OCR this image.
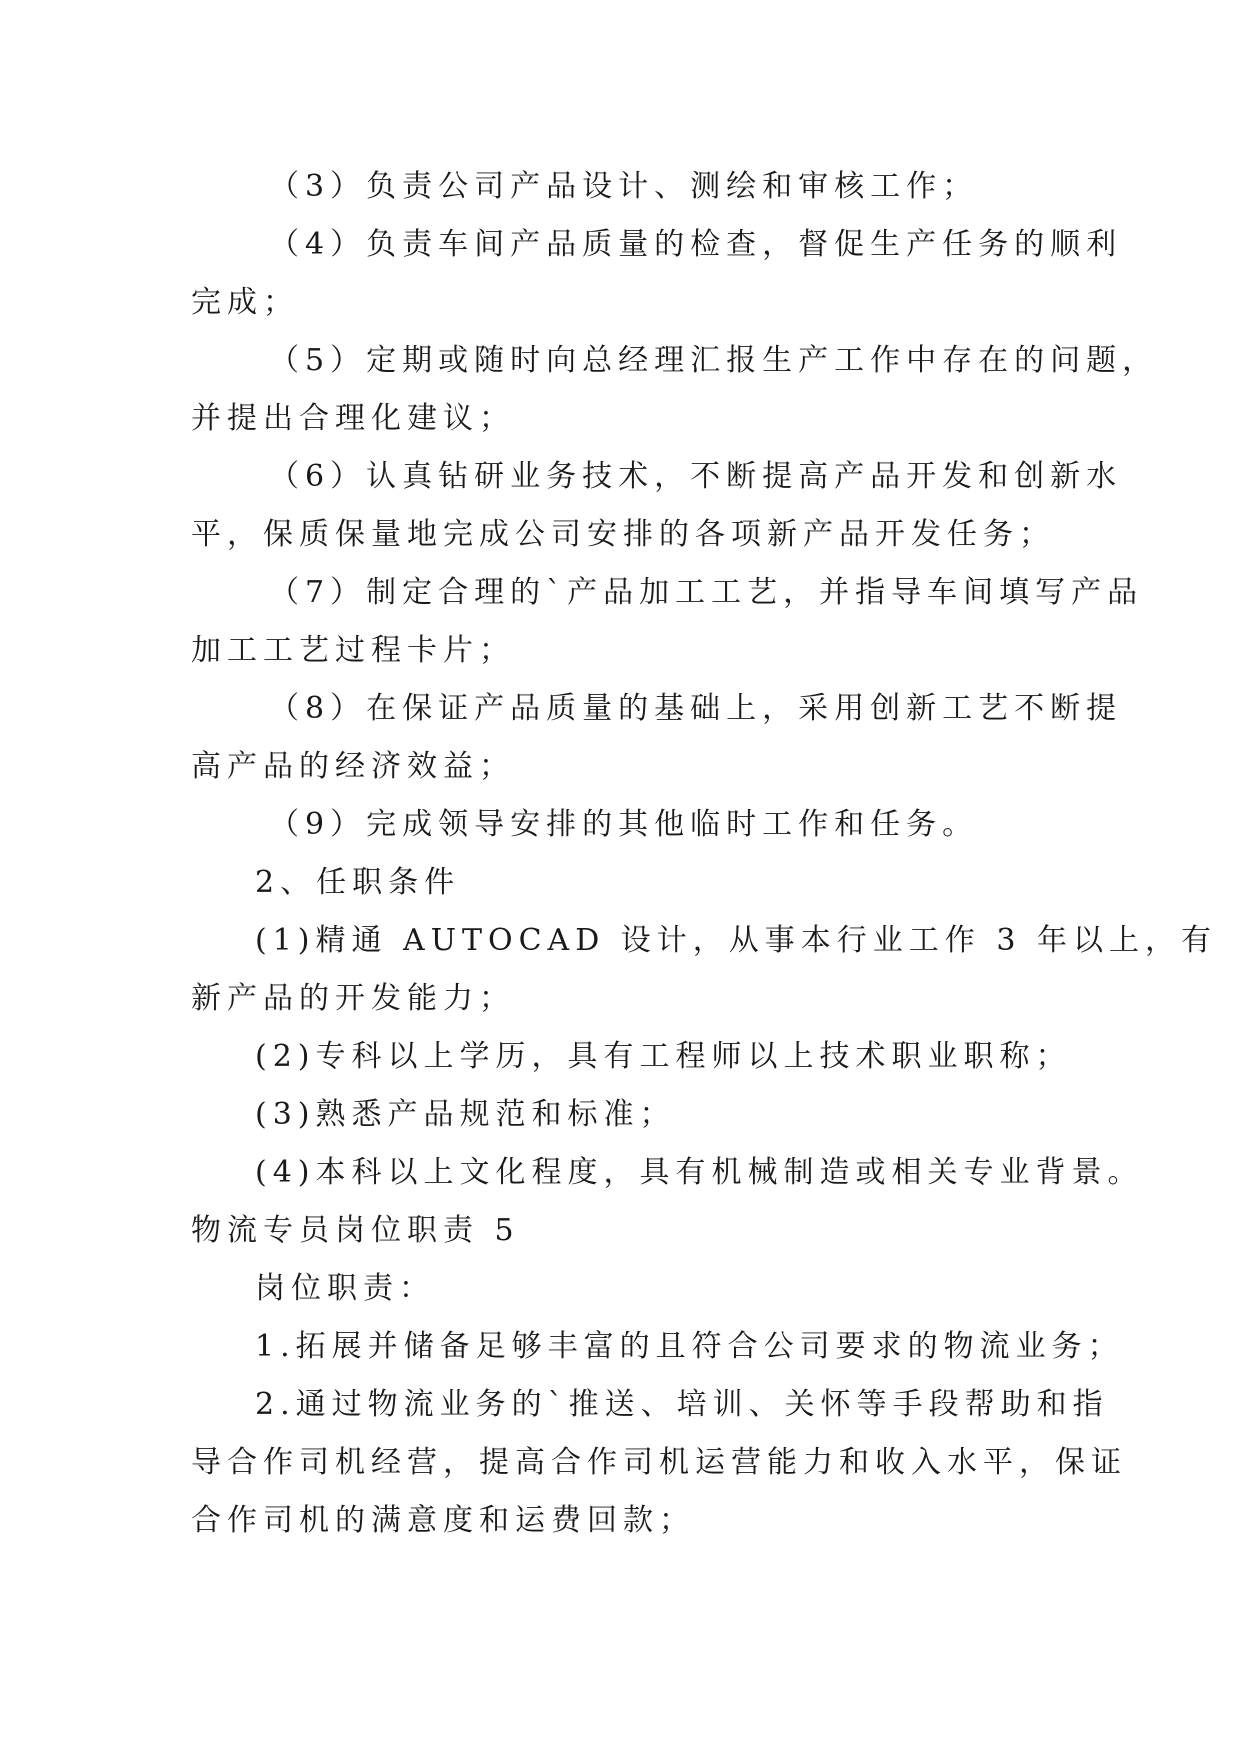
（3）负责公司产品设计、测绘和审核工作；

（4）负责车间产品质量的检查，督促生产任务的顺利

完成；

（5）定期或随时向总经理汇报生产工作中存在的问题，

并提出合理化建议；

（6）认真钻研业务技术，不断提高产品开发和创新水

平，保质保量地完成公司安排的各项新产品开发任务；

（7）制定合理的`产品加工工艺，并指导车间填写产品

加工工艺过程卡片；

（8）在保证产品质量的基础上，采用创新工艺不断提

高产品的经济效益；

（9）完成领导安排的其他临时工作和任务。

2、任职条件

(1)精通 AUTOCAD 设计，从事本行业工作 3 年以上，有

新产品的开发能力；

(2)专科以上学历，具有工程师以上技术职业职称；

(3)熟悉产品规范和标准；

(4)本科以上文化程度，具有机械制造或相关专业背景。

物流专员岗位职责 5

岗位职责：

1.拓展并储备足够丰富的且符合公司要求的物流业务；

2.通过物流业务的`推送、培训、关怀等手段帮助和指

导合作司机经营，提高合作司机运营能力和收入水平，保证

合作司机的满意度和运费回款；
